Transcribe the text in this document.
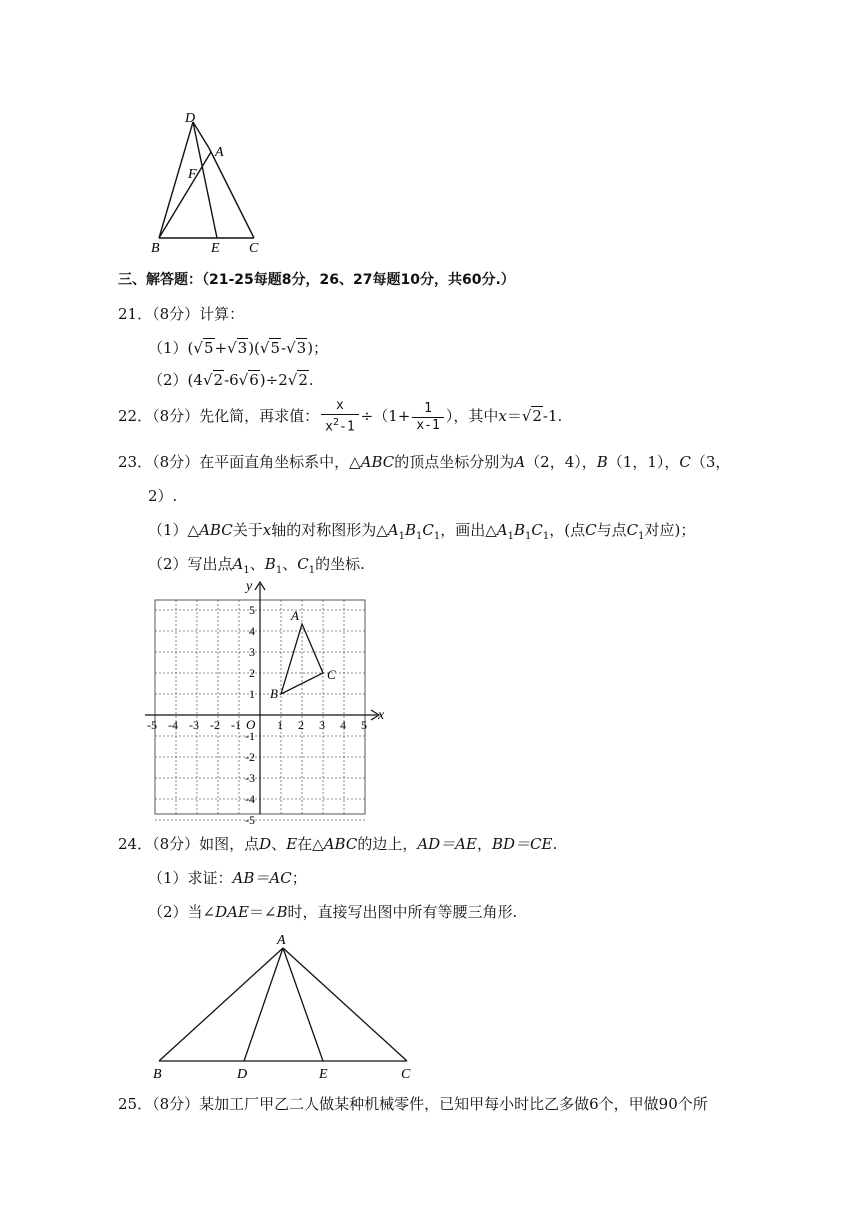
D
A
F
B	E C
三、解答题：（21-25每题8分，26、27每题10分，共60分.）
21．（8分）计算：
（1）(√5+√3)(√5-√3)；
（2）(4√2-6√6)÷2√2.
22．（8分）先化简，再求值： $\frac{x}{x^2-1} \div(1+ \frac{1}{x-1}$ ），其中x＝√2-1.
23．（8分）在平面直角坐标系中，△ABC的顶点坐标分别为A（2，4），B（1，1），C（3，
2）.
（1）△ABC关于x轴的对称图形为$\triangle A_1B_1C_1$，画出$\triangle A_1B_1C_1$，(点C与点$C_1$对应)；
（2）写出点$A_1$、$B_1$、$C_1$的坐标.
-5 -4 -3 -2 -1	1 2 3 4 5
5
4
3
2
1
-1
-2
-3
-4
-5
y
x
O
A
B
C
24．（8分）如图，点D、E在△ABC的边上，AD＝AE，BD＝CE.
（1）求证：AB＝AC；
（2）当∠DAE＝∠B时，直接写出图中所有等腰三角形.
A
B	D	E	C
25．（8分）某加工厂甲乙二人做某种机械零件，已知甲每小时比乙多做6个，甲做90个所
